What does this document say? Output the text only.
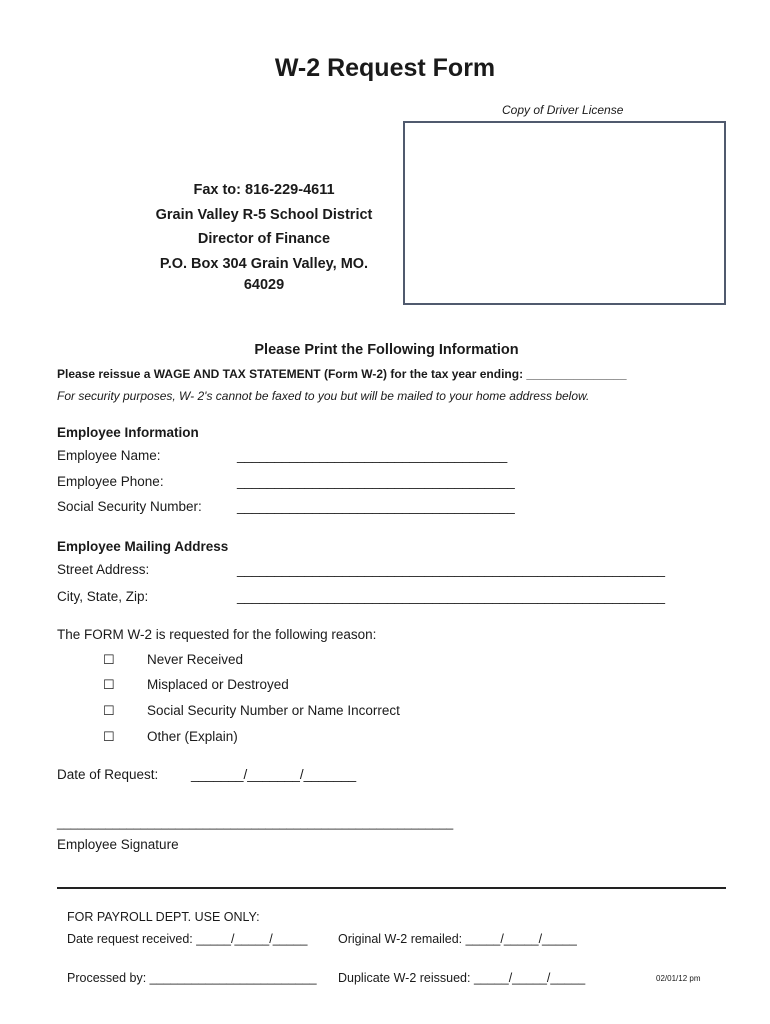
W-2 Request Form
Copy of Driver License
Fax to: 816-229-4611
Grain Valley R-5 School District
Director of Finance
P.O. Box 304 Grain Valley, MO.
64029
Please Print the Following Information
Please reissue a WAGE AND TAX STATEMENT (Form W-2) for the tax year ending: _______________
For security purposes, W- 2's cannot be faxed to you but will be mailed to your home address below.
Employee Information
Employee Name:	____________________________________
Employee Phone:	_____________________________________
Social Security Number:	_____________________________________
Employee Mailing Address
Street Address:	_________________________________________________________
City, State, Zip:	_________________________________________________________
The FORM W-2 is requested for the following reason:
☐ Never Received
☐ Misplaced or Destroyed
☐ Social Security Number or Name Incorrect
☐ Other (Explain)
Date of Request: _______/_______/_______
_________________________________________________________
Employee Signature
FOR PAYROLL DEPT. USE ONLY:
Date request received: _____/_____/_____ Original W-2 remailed: _____/_____/_____
Processed by: ________________________ Duplicate W-2 reissued: _____/_____/_____	02/01/12 pm
